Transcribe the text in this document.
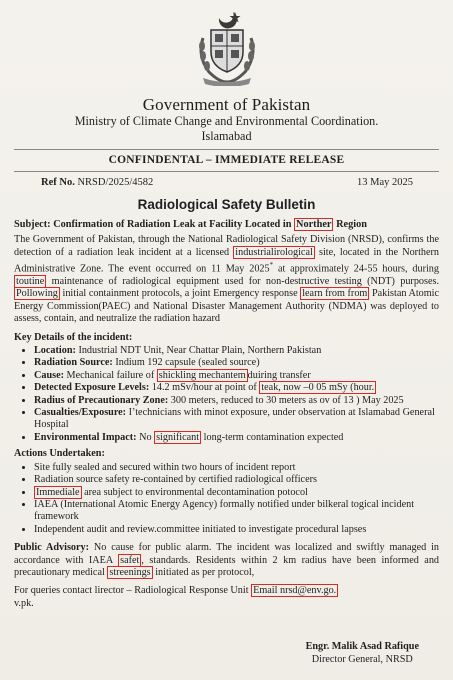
Government of Pakistan
Ministry of Climate Change and Environmental Coordination.
Islamabad
CONFINDENTAL – IMMEDIATE RELEASE
Ref No. NRSD/2025/4582	13 May 2025
Radiological Safety Bulletin
Subject: Confirmation of Radiation Leak at Facility Located in Norther Region

The Government of Pakistan, through the National Radiological Safety Division (NRSD), confirms the detection of a radiation leak incident at a licensed industrialirological site, located in the Northern Administrative Zone. The event occurred on 11 May 2025* at approximately 24-55 hours, during toutine maintenance of radiological equipment used for non-destructive testing (NDT) purposes. Pollowing initial containment protocols, a joint Emergency response learn from from Pakistan Atomic Energy Commission(PAEC) and National Disaster Management Authority (NDMA) was deployed to assess, contain, and neutralize the radiation hazard

Key Details of the incident:
• Location: Industrial NDT Unit, Near Chattar Plain, Northern Pakistan
• Radiation Source: Indium 192 capsule (sealed source)
• Cause: Mechanical failure of shickling mechantem duiring transfer
• Detected Exposure Levels: 14.2 mSv/hour at point of teak, now –0 05 mSy (hour.
• Radius of Precautionary Zone: 300 meters, reduced to 30 meters as ov of 13 ) May 2025
• Casualties/Exposure: I’technicians with minot exposure, under observation at Islamabad General Hospital
• Environmental Impact: No significant long-term contamination expected
Actions Undertaken:
• Site fully sealed and secured within two hours of incident report
• Radiation source safety re-contained by certified radiological officers
• Immediale area subject to environmental decontamination potocol
• IAEA (International Atomic Energy Agency) formally notified under bilkeral togical incident framework
• Independent audit and review.committee initiated to investigate procedural lapses

Public Advisory: No cause for public alarm. The incident was localized and swiftly managed in accordance with IAEA safet , standards. Residents within 2 km radius have been informed and precautionary medical streenings initiated as per protocol,

For queries contact lirector – Radiological Response Unit Email nrsd@env.go.
v.pk.
Engr. Malik Asad Rafique
Director General, NRSD
